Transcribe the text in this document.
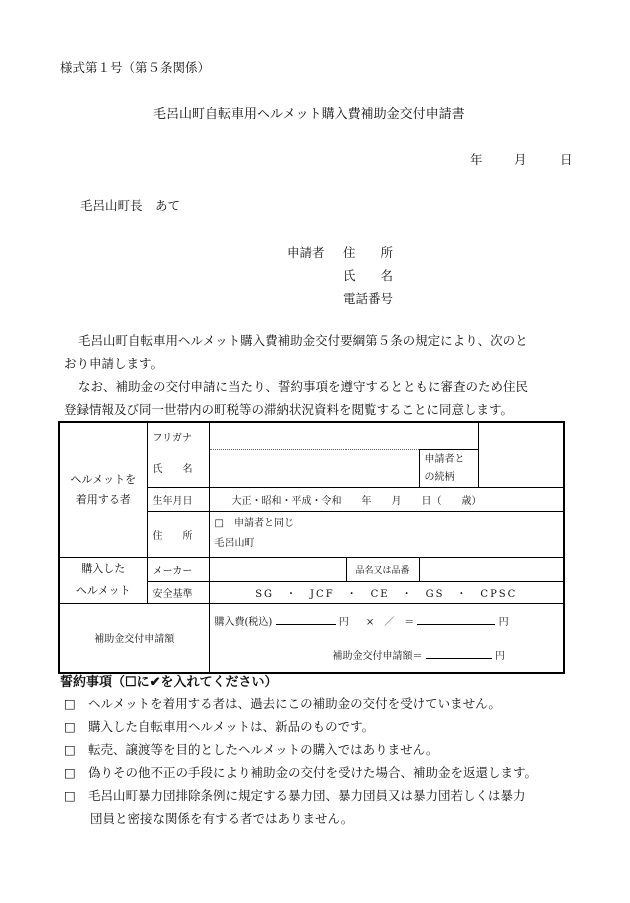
様式第１号（第５条関係）
毛呂山町自転車用ヘルメット購入費補助金交付申請書
年	月	日
毛呂山町長　あて
申請者 住　　所
氏　　名
電話番号
毛呂山町自転車用ヘルメット購入費補助金交付要綱第５条の規定により、次のと
おり申請します。
なお、補助金の交付申請に当たり、誓約事項を遵守するとともに審査のため住民
登録情報及び同一世帯内の町税等の滞納状況資料を閲覧することに同意します。
ヘルメットを
着用する者	フリガナ				
	氏　　名			申請者と
の続柄	

	生年月日	大正・昭和・平成・令和　　年　　月　　日（　　歳）			
	住　　所	□　申請者と同じ
毛呂山町			

購入した
ヘルメット	メーカー		品名又は品番		
	安全基準	SG　・　JCF　・　CE　・　GS　・　CPSC			
補助金交付申請額		購入費(税込) 円 ×　／　＝ 円
補助金交付申請額＝ 円			
誓約事項（☐に✔を入れてください）
□ ヘルメットを着用する者は、過去にこの補助金の交付を受けていません。
□ 購入した自転車用ヘルメットは、新品のものです。
□ 転売、譲渡等を目的としたヘルメットの購入ではありません。
□ 偽りその他不正の手段により補助金の交付を受けた場合、補助金を返還します。
□ 毛呂山町暴力団排除条例に規定する暴力団、暴力団員又は暴力団若しくは暴力
団員と密接な関係を有する者ではありません。
